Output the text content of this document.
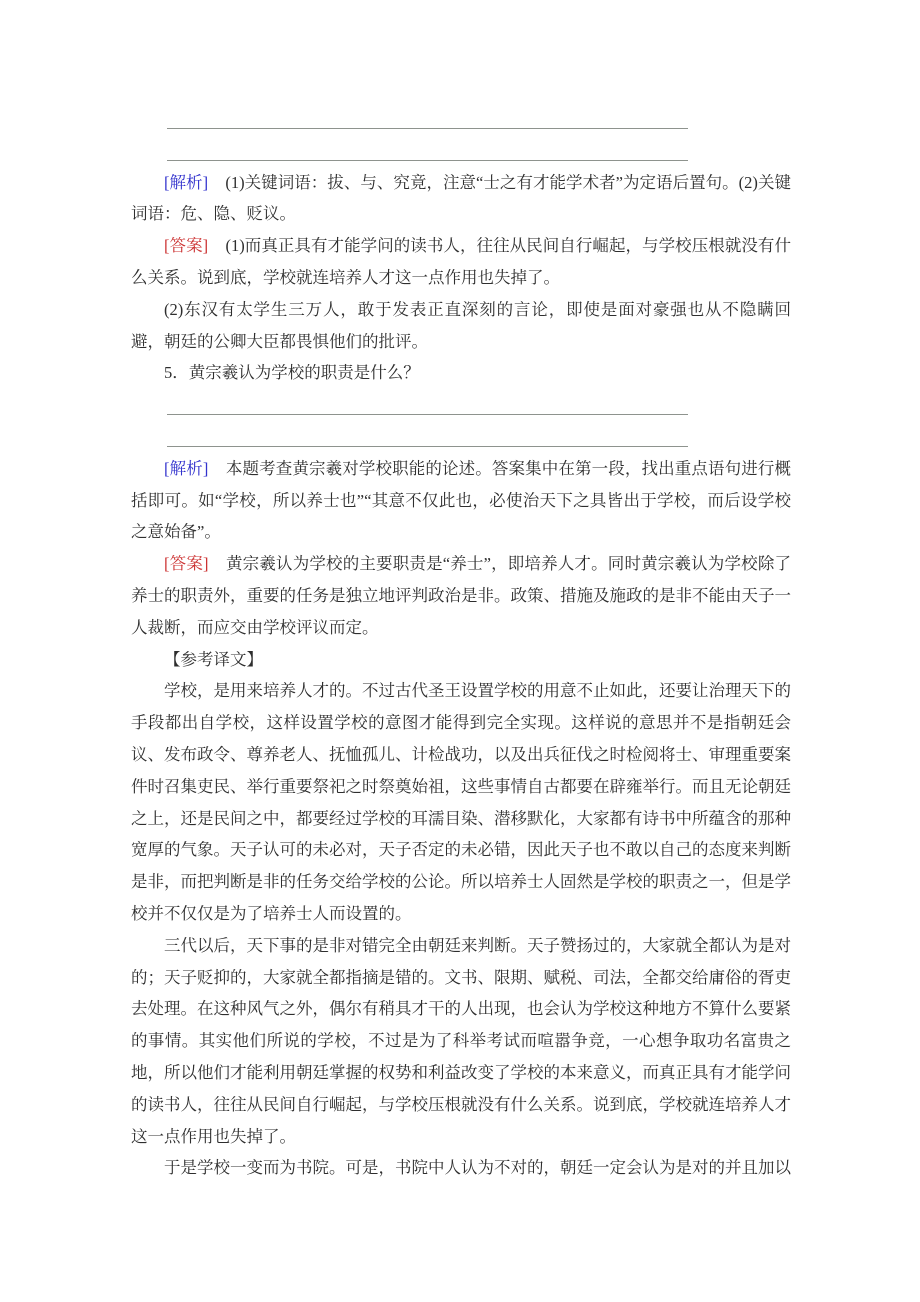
[解析] (1)关键词语：拔、与、究竟，注意“士之有才能学术者”为定语后置句。(2)关键词语：危、隐、贬议。

[答案] (1)而真正具有才能学问的读书人，往往从民间自行崛起，与学校压根就没有什么关系。说到底，学校就连培养人才这一点作用也失掉了。

(2)东汉有太学生三万人，敢于发表正直深刻的言论，即使是面对豪强也从不隐瞒回避，朝廷的公卿大臣都畏惧他们的批评。

5．黄宗羲认为学校的职责是什么？

[解析] 本题考查黄宗羲对学校职能的论述。答案集中在第一段，找出重点语句进行概括即可。如“学校，所以养士也”“其意不仅此也，必使治天下之具皆出于学校，而后设学校之意始备”。

[答案] 黄宗羲认为学校的主要职责是“养士”，即培养人才。同时黄宗羲认为学校除了养士的职责外，重要的任务是独立地评判政治是非。政策、措施及施政的是非不能由天子一人裁断，而应交由学校评议而定。

【参考译文】

学校，是用来培养人才的。不过古代圣王设置学校的用意不止如此，还要让治理天下的手段都出自学校，这样设置学校的意图才能得到完全实现。这样说的意思并不是指朝廷会议、发布政令、尊养老人、抚恤孤儿、计检战功，以及出兵征伐之时检阅将士、审理重要案件时召集吏民、举行重要祭祀之时祭奠始祖，这些事情自古都要在辟雍举行。而且无论朝廷之上，还是民间之中，都要经过学校的耳濡目染、潜移默化，大家都有诗书中所蕴含的那种宽厚的气象。天子认可的未必对，天子否定的未必错，因此天子也不敢以自己的态度来判断是非，而把判断是非的任务交给学校的公论。所以培养士人固然是学校的职责之一，但是学校并不仅仅是为了培养士人而设置的。

三代以后，天下事的是非对错完全由朝廷来判断。天子赞扬过的，大家就全都认为是对的；天子贬抑的，大家就全都指摘是错的。文书、限期、赋税、司法，全都交给庸俗的胥吏去处理。在这种风气之外，偶尔有稍具才干的人出现，也会认为学校这种地方不算什么要紧的事情。其实他们所说的学校，不过是为了科举考试而喧嚣争竞，一心想争取功名富贵之地，所以他们才能利用朝廷掌握的权势和利益改变了学校的本来意义，而真正具有才能学问的读书人，往往从民间自行崛起，与学校压根就没有什么关系。说到底，学校就连培养人才这一点作用也失掉了。

于是学校一变而为书院。可是，书院中人认为不对的，朝廷一定会认为是对的并且加以
